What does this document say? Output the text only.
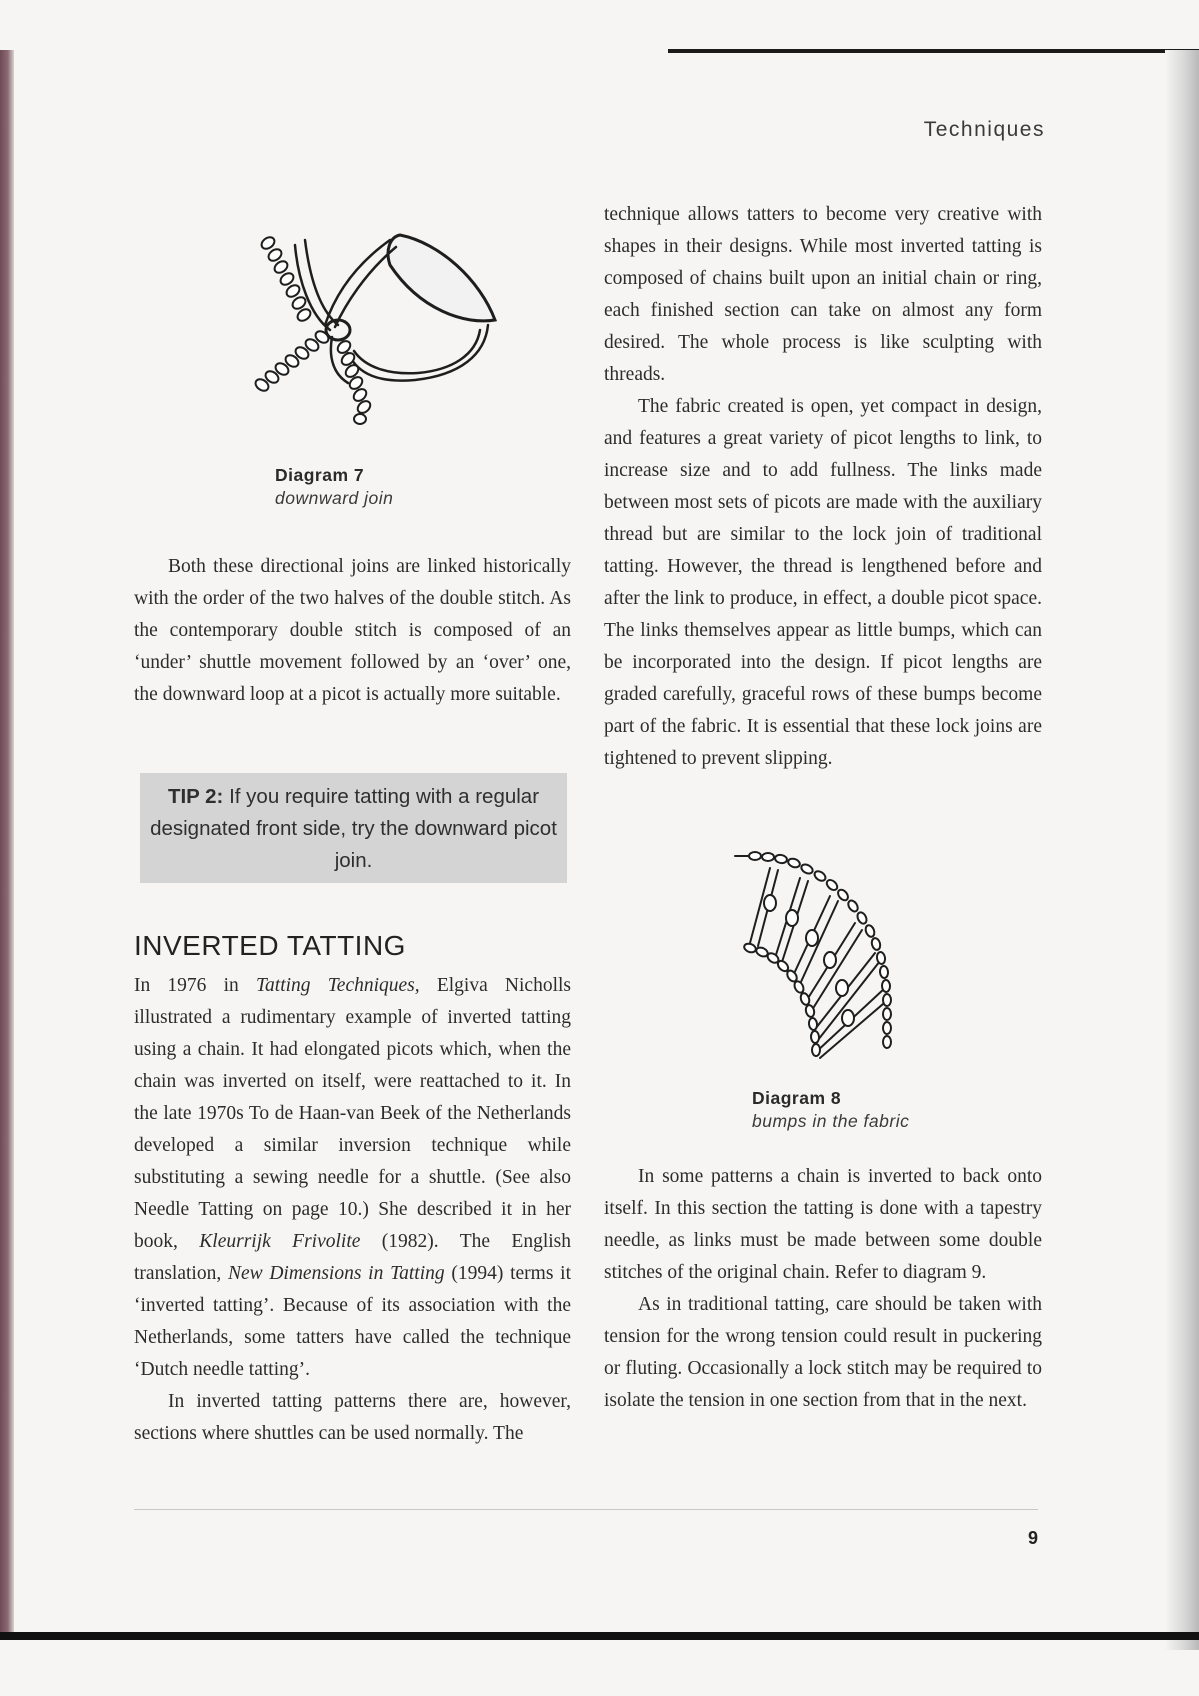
Techniques
Diagram 7
downward join

technique allows tatters to become very creative with shapes in their designs. While most inverted tatting is composed of chains built upon an initial chain or ring, each finished section can take on almost any form desired. The whole process is like sculpting with threads.

The fabric created is open, yet compact in design, and features a great variety of picot lengths to link, to increase size and to add fullness. The links made between most sets of picots are made with the auxiliary thread but are similar to the lock join of traditional tatting. However, the thread is lengthened before and after the link to produce, in effect, a double picot space. The links themselves appear as little bumps, which can be incorporated into the design. If picot lengths are graded carefully, graceful rows of these bumps become part of the fabric. It is essential that these lock joins are tightened to prevent slipping.

Both these directional joins are linked historically with the order of the two halves of the double stitch. As the contemporary double stitch is composed of an ‘under’ shuttle movement followed by an ‘over’ one, the downward loop at a picot is actually more suitable.

TIP 2: If you require tatting with a regular designated front side, try the downward picot join.
INVERTED TATTING

In 1976 in Tatting Techniques, Elgiva Nicholls illustrated a rudimentary example of inverted tatting using a chain. It had elongated picots which, when the chain was inverted on itself, were reattached to it. In the late 1970s To de Haan-van Beek of the Netherlands developed a similar inversion technique while substituting a sewing needle for a shuttle. (See also Needle Tatting on page 10.) She described it in her book, Kleurrijk Frivolite (1982). The English translation, New Dimensions in Tatting (1994) terms it ‘inverted tatting’. Because of its association with the Netherlands, some tatters have called the technique ‘Dutch needle tatting’.

In inverted tatting patterns there are, however, sections where shuttles can be used normally. The

Diagram 8
bumps in the fabric

In some patterns a chain is inverted to back onto itself. In this section the tatting is done with a tapestry needle, as links must be made between some double stitches of the original chain. Refer to diagram 9.

As in traditional tatting, care should be taken with tension for the wrong tension could result in puckering or fluting. Occasionally a lock stitch may be required to isolate the tension in one section from that in the next.

9
